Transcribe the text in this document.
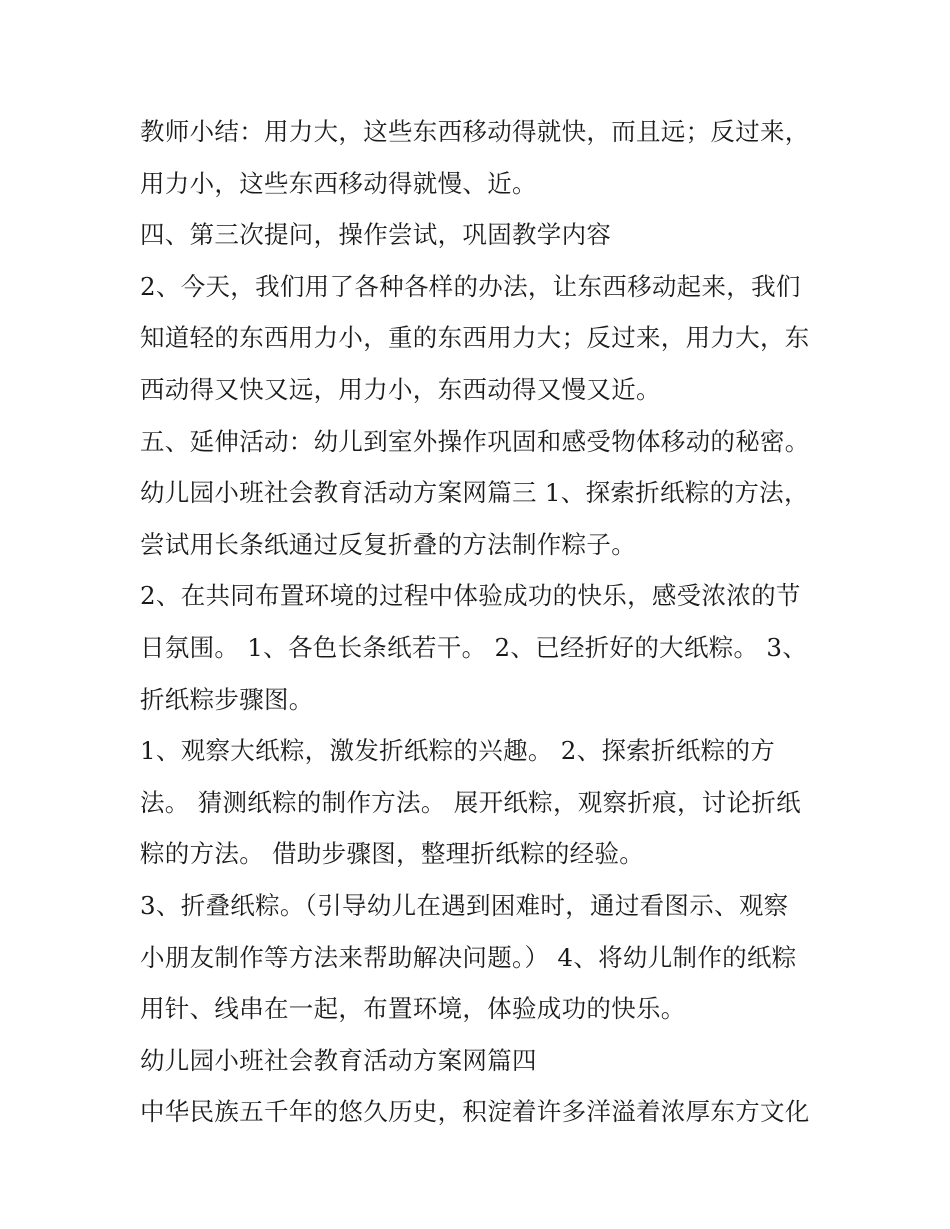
教师小结：用力大，这些东西移动得就快，而且远；反过来，
用力小，这些东西移动得就慢、近。
四、第三次提问，操作尝试，巩固教学内容
2、今天，我们用了各种各样的办法，让东西移动起来，我们
知道轻的东西用力小，重的东西用力大；反过来，用力大，东
西动得又快又远，用力小，东西动得又慢又近。
五、延伸活动：幼儿到室外操作巩固和感受物体移动的秘密。
幼儿园小班社会教育活动方案网篇三 1、探索折纸粽的方法，
尝试用长条纸通过反复折叠的方法制作粽子。
2、在共同布置环境的过程中体验成功的快乐，感受浓浓的节
日氛围。 1、各色长条纸若干。 2、已经折好的大纸粽。 3、
折纸粽步骤图。
1、观察大纸粽，激发折纸粽的兴趣。 2、探索折纸粽的方
法。 猜测纸粽的制作方法。 展开纸粽，观察折痕，讨论折纸
粽的方法。 借助步骤图，整理折纸粽的经验。
3、折叠纸粽。（引导幼儿在遇到困难时，通过看图示、观察
小朋友制作等方法来帮助解决问题。） 4、将幼儿制作的纸粽
用针、线串在一起，布置环境，体验成功的快乐。
幼儿园小班社会教育活动方案网篇四
中华民族五千年的悠久历史，积淀着许多洋溢着浓厚东方文化
